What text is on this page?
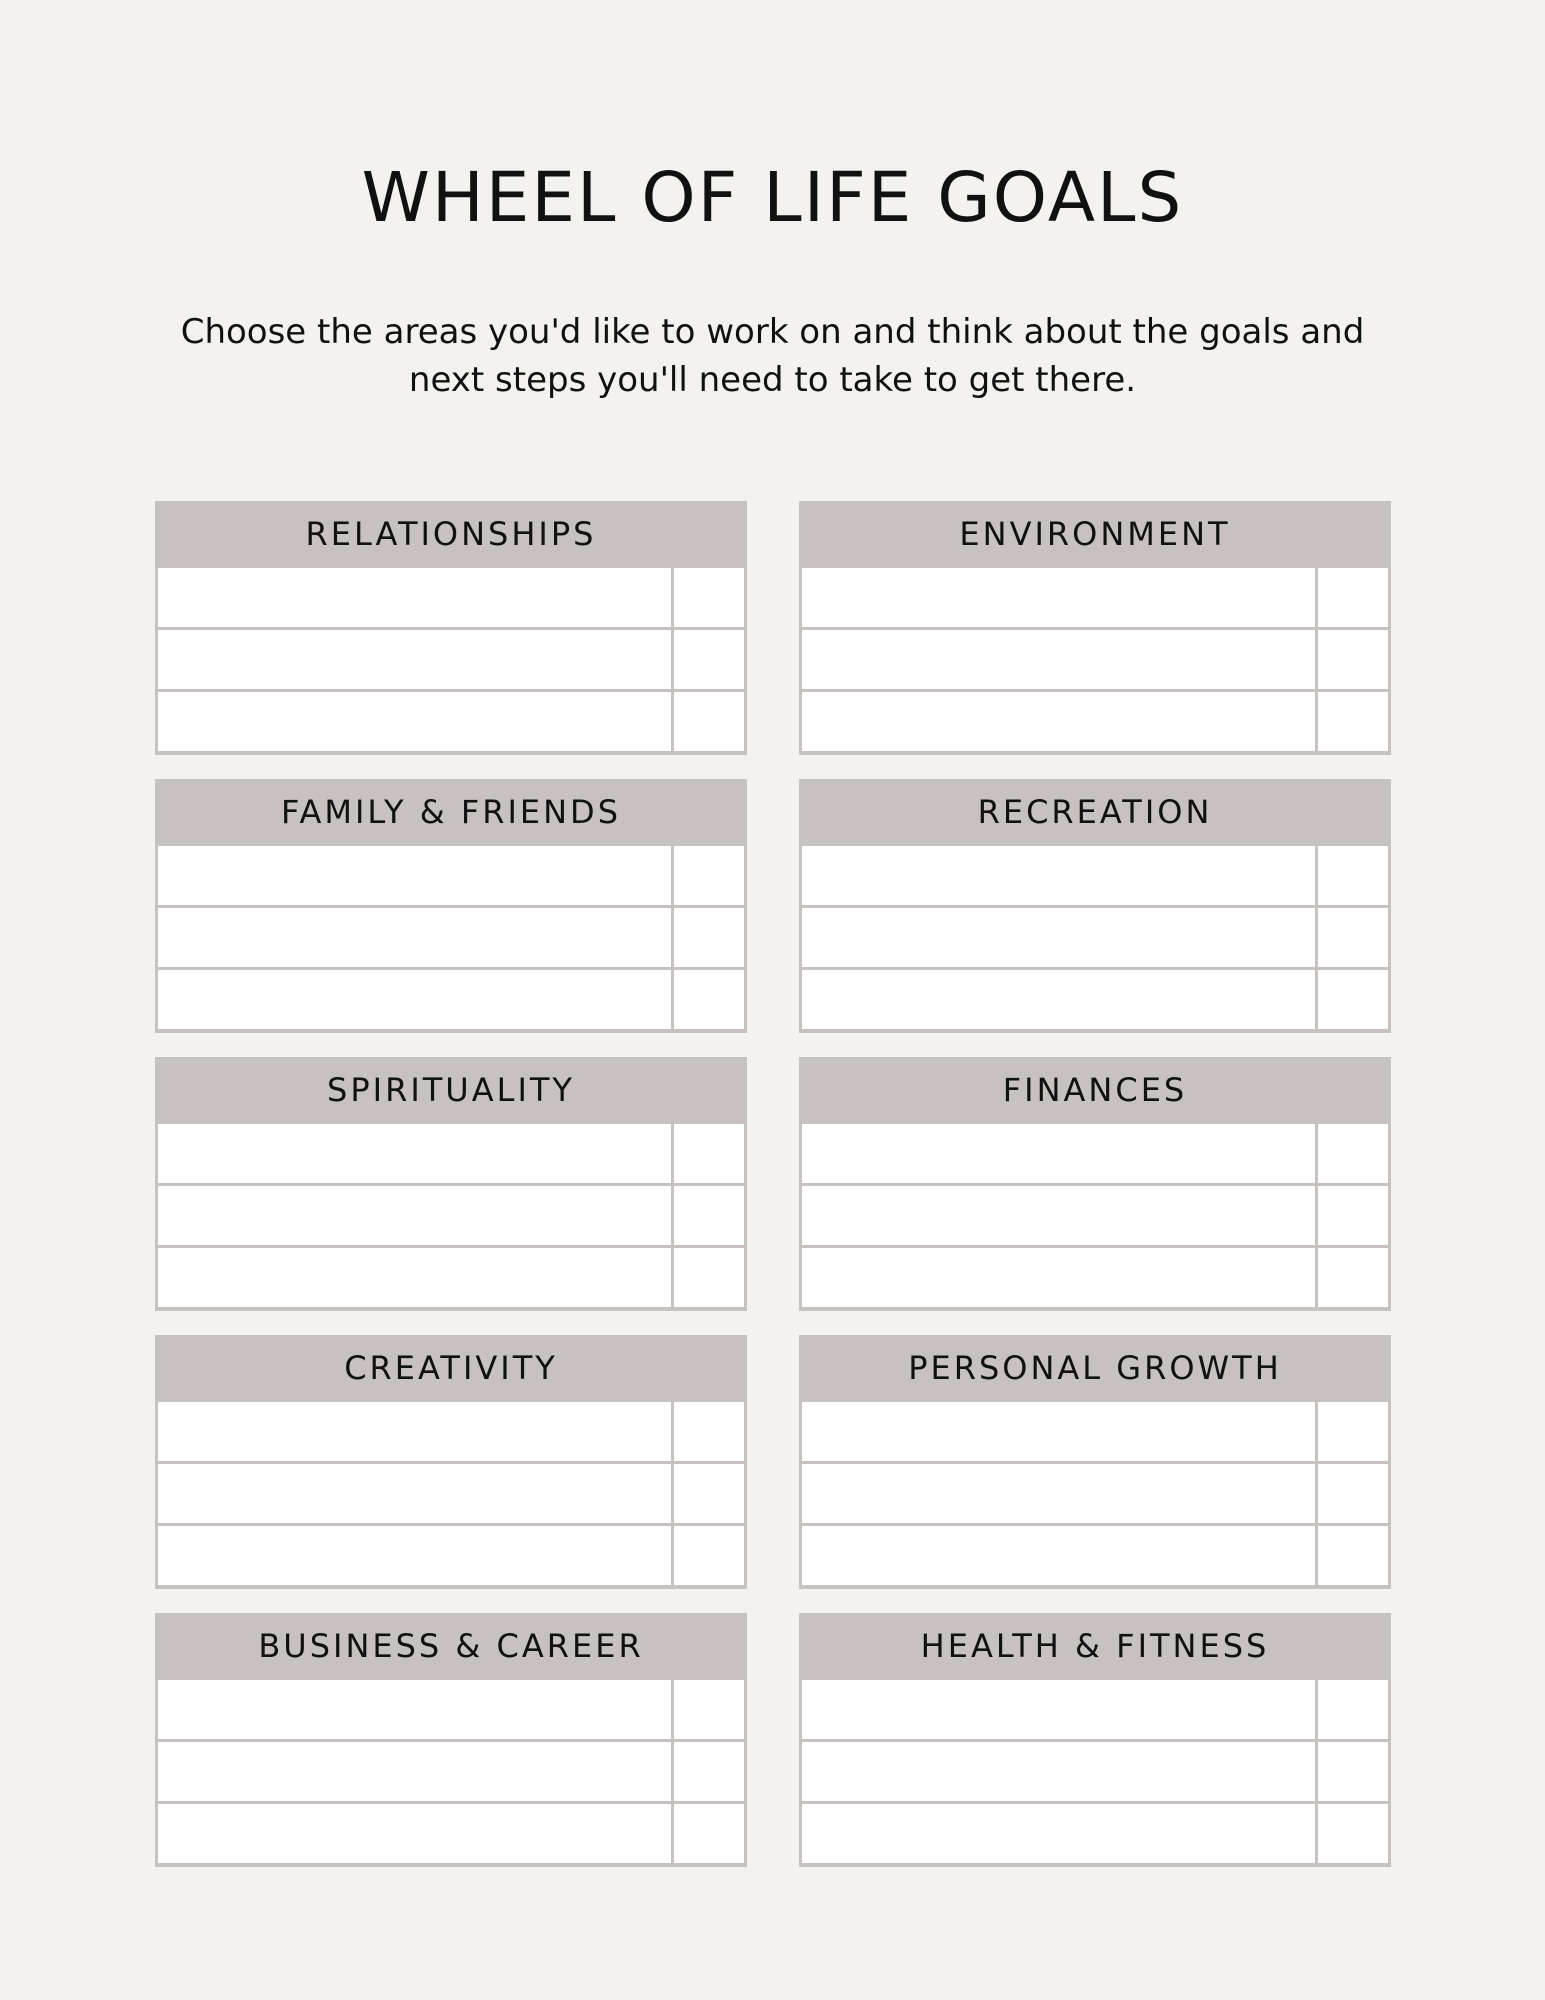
WHEEL OF LIFE GOALS

Choose the areas you'd like to work on and think about the goals and next steps you'll need to take to get there.

RELATIONSHIPS	ENVIRONMENT
FAMILY & FRIENDS	RECREATION
SPIRITUALITY	FINANCES
CREATIVITY	PERSONAL GROWTH
BUSINESS & CAREER	HEALTH & FITNESS
